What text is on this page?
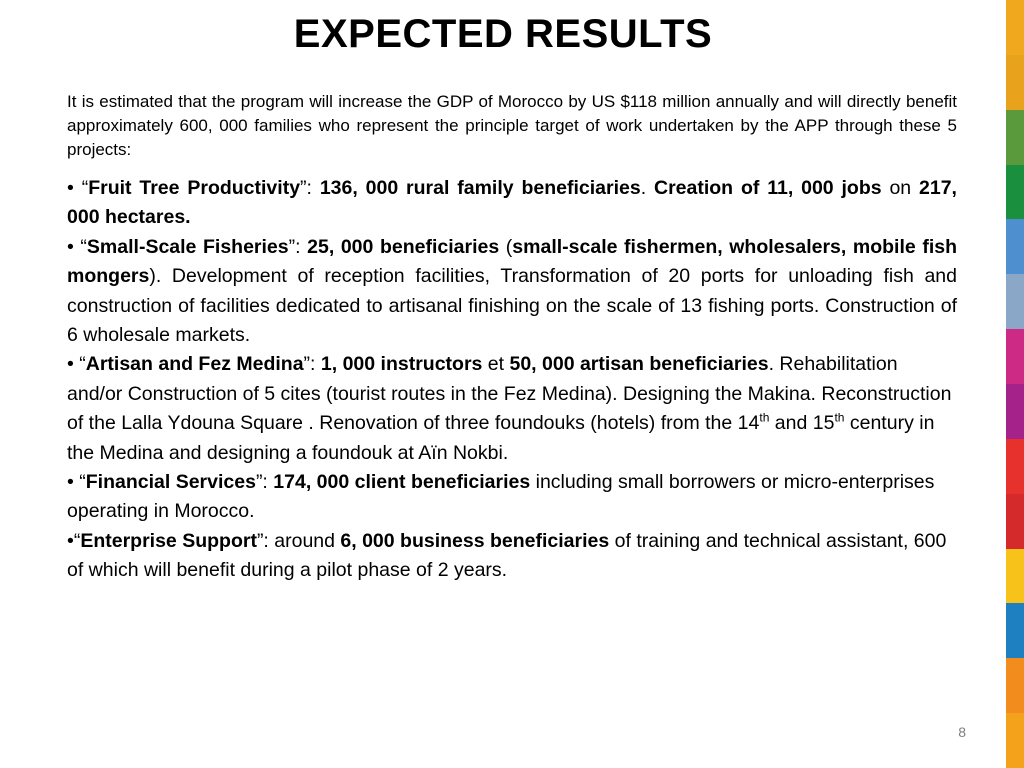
EXPECTED RESULTS
It is estimated that the program will increase the GDP of Morocco by US $118 million annually and will directly benefit approximately 600, 000 families who represent the principle target of work undertaken by the APP through these 5 projects:

• “Fruit Tree Productivity”: 136, 000 rural family beneficiaries. Creation of 11, 000 jobs on 217, 000 hectares.

• “Small-Scale Fisheries”: 25, 000 beneficiaries (small-scale fishermen, wholesalers, mobile fish mongers). Development of reception facilities, Transformation of 20 ports for unloading fish and construction of facilities dedicated to artisanal finishing on the scale of 13 fishing ports. Construction of 6 wholesale markets.

• “Artisan and Fez Medina”: 1, 000 instructors et 50, 000 artisan beneficiaries. Rehabilitation and/or Construction of 5 cites (tourist routes in the Fez Medina). Designing the Makina. Reconstruction of the Lalla Ydouna Square . Renovation of three foundouks (hotels) from the 14th and 15th century in the Medina and designing a foundouk at Aïn Nokbi.

• “Financial Services”: 174, 000 client beneficiaries including small borrowers or micro-enterprises operating in Morocco.

•“Enterprise Support”: around 6, 000 business beneficiaries of training and technical assistant, 600 of which will benefit during a pilot phase of 2 years.

8
